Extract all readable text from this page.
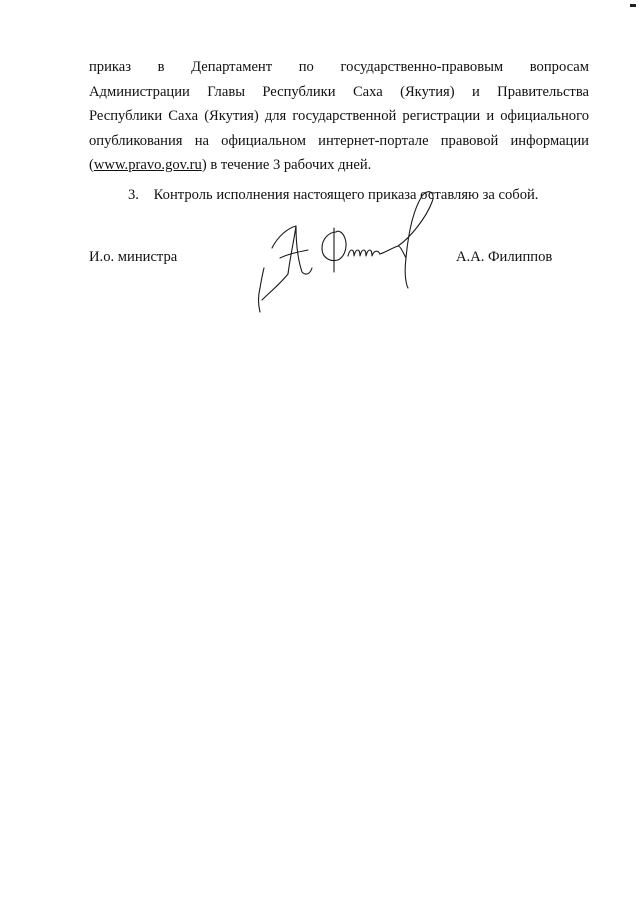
приказ в Департамент по государственно-правовым вопросам
Администрации Главы Республики Саха (Якутия) и Правительства
Республики Саха (Якутия) для государственной регистрации и официального
опубликования на официальном интернет-портале правовой информации
(www.pravo.gov.ru) в течение 3 рабочих дней.
3. Контроль исполнения настоящего приказа оставляю за собой.
И.о. министра	А.А. Филиппов
